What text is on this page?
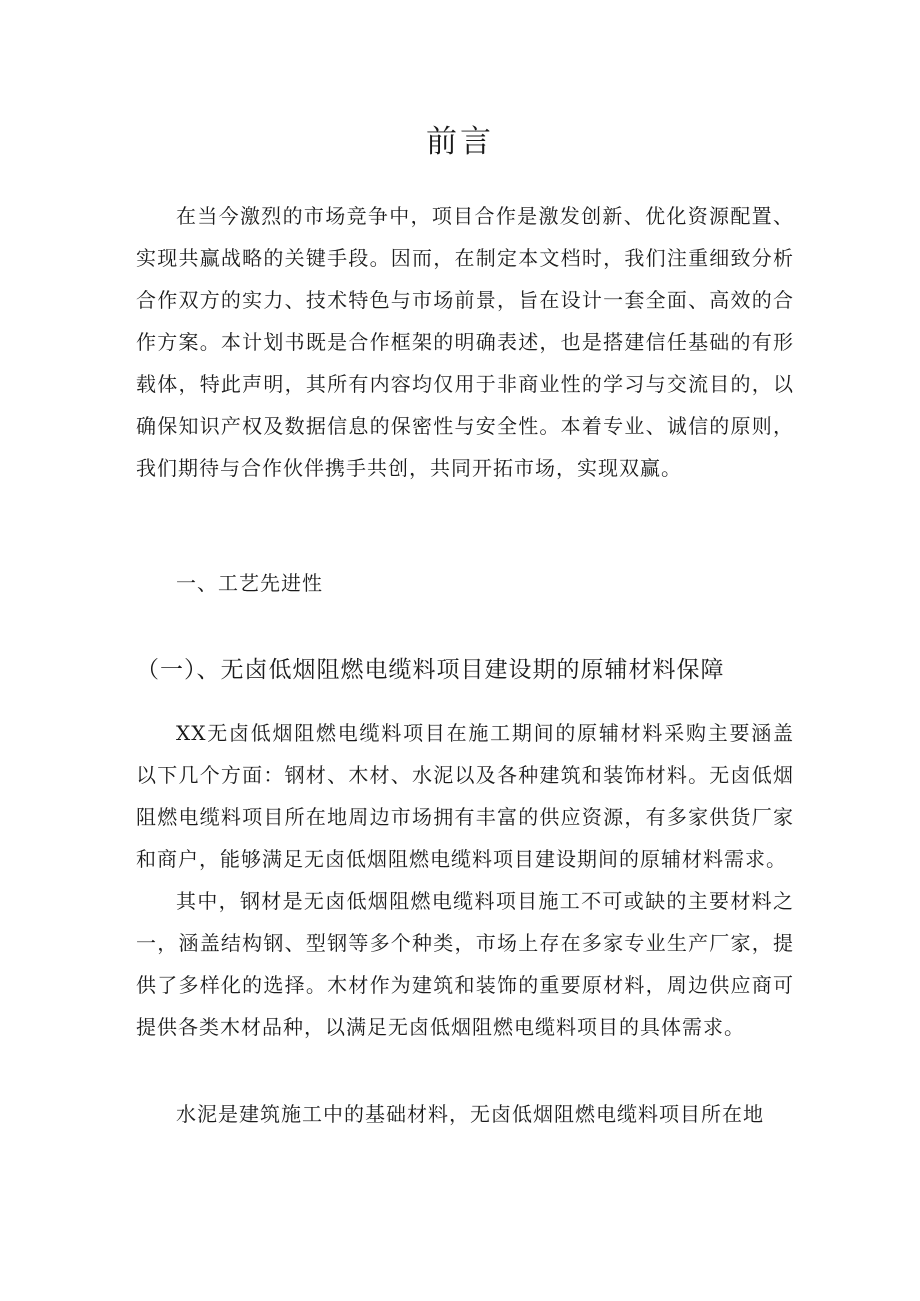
前言

在当今激烈的市场竞争中，项目合作是激发创新、优化资源配置、实现共赢战略的关键手段。因而，在制定本文档时，我们注重细致分析合作双方的实力、技术特色与市场前景，旨在设计一套全面、高效的合作方案。本计划书既是合作框架的明确表述，也是搭建信任基础的有形载体，特此声明，其所有内容均仅用于非商业性的学习与交流目的，以确保知识产权及数据信息的保密性与安全性。本着专业、诚信的原则，我们期待与合作伙伴携手共创，共同开拓市场，实现双赢。

一、工艺先进性
（一）、无卤低烟阻燃电缆料项目建设期的原辅材料保障

XX无卤低烟阻燃电缆料项目在施工期间的原辅材料采购主要涵盖以下几个方面：钢材、木材、水泥以及各种建筑和装饰材料。无卤低烟阻燃电缆料项目所在地周边市场拥有丰富的供应资源，有多家供货厂家和商户，能够满足无卤低烟阻燃电缆料项目建设期间的原辅材料需求。

其中，钢材是无卤低烟阻燃电缆料项目施工不可或缺的主要材料之一，涵盖结构钢、型钢等多个种类，市场上存在多家专业生产厂家，提供了多样化的选择。木材作为建筑和装饰的重要原材料，周边供应商可提供各类木材品种，以满足无卤低烟阻燃电缆料项目的具体需求。

水泥是建筑施工中的基础材料，无卤低烟阻燃电缆料项目所在地
